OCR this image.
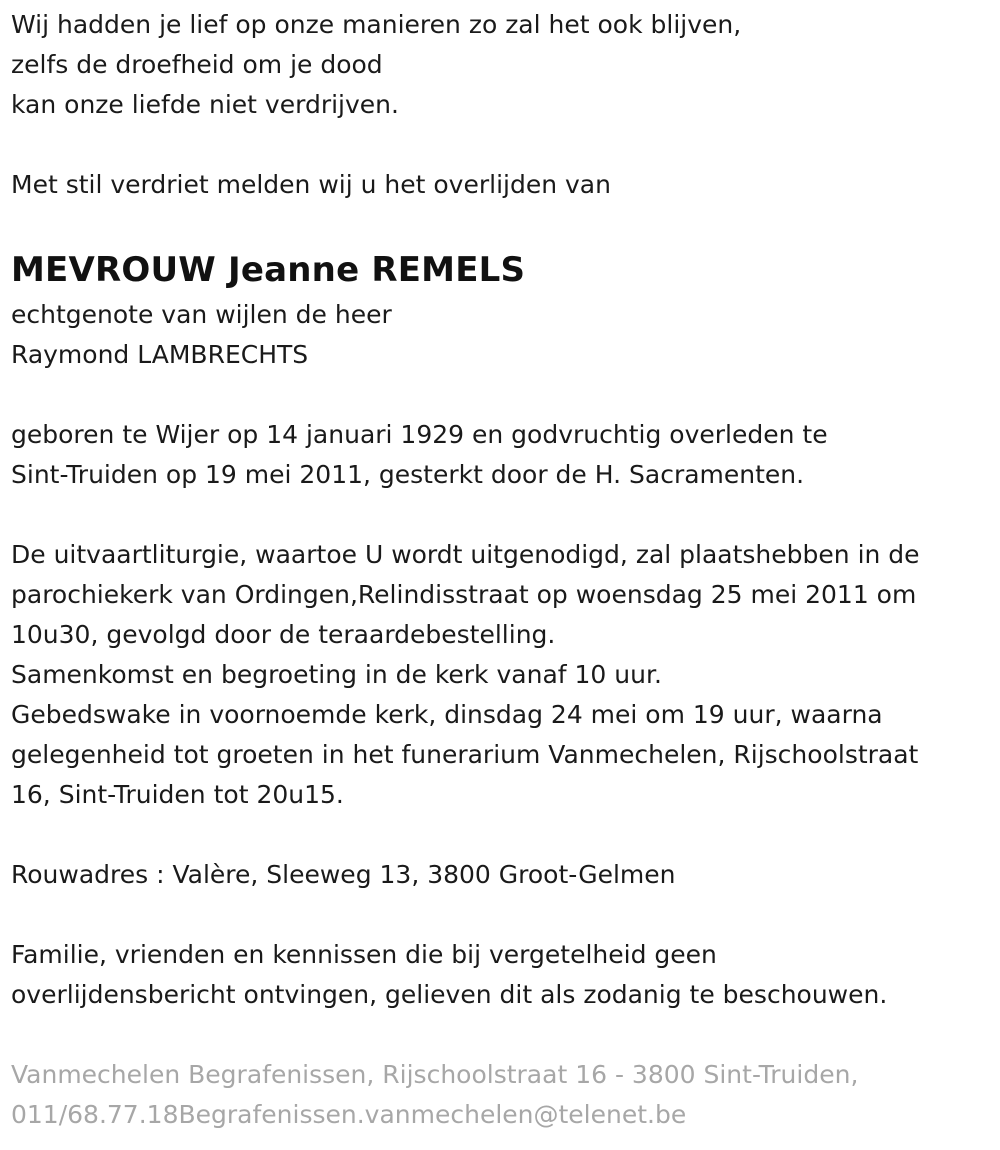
Wij hadden je lief op onze manieren zo zal het ook blijven,
zelfs de droefheid om je dood
kan onze liefde niet verdrijven.
Met stil verdriet melden wij u het overlijden van
MEVROUW Jeanne REMELS
echtgenote van wijlen de heer
Raymond LAMBRECHTS
geboren te Wijer op 14 januari 1929 en godvruchtig overleden te
Sint-Truiden op 19 mei 2011, gesterkt door de H. Sacramenten.
De uitvaartliturgie, waartoe U wordt uitgenodigd, zal plaatshebben in de
parochiekerk van Ordingen,Relindisstraat op woensdag 25 mei 2011 om
10u30, gevolgd door de teraardebestelling.
Samenkomst en begroeting in de kerk vanaf 10 uur.
Gebedswake in voornoemde kerk, dinsdag 24 mei om 19 uur, waarna
gelegenheid tot groeten in het funerarium Vanmechelen, Rijschoolstraat
16, Sint-Truiden tot 20u15.
Rouwadres : Valère, Sleeweg 13, 3800 Groot-Gelmen
Familie, vrienden en kennissen die bij vergetelheid geen
overlijdensbericht ontvingen, gelieven dit als zodanig te beschouwen.
Vanmechelen Begrafenissen, Rijschoolstraat 16 - 3800 Sint-Truiden,
011/68.77.18Begrafenissen.vanmechelen@telenet.be
